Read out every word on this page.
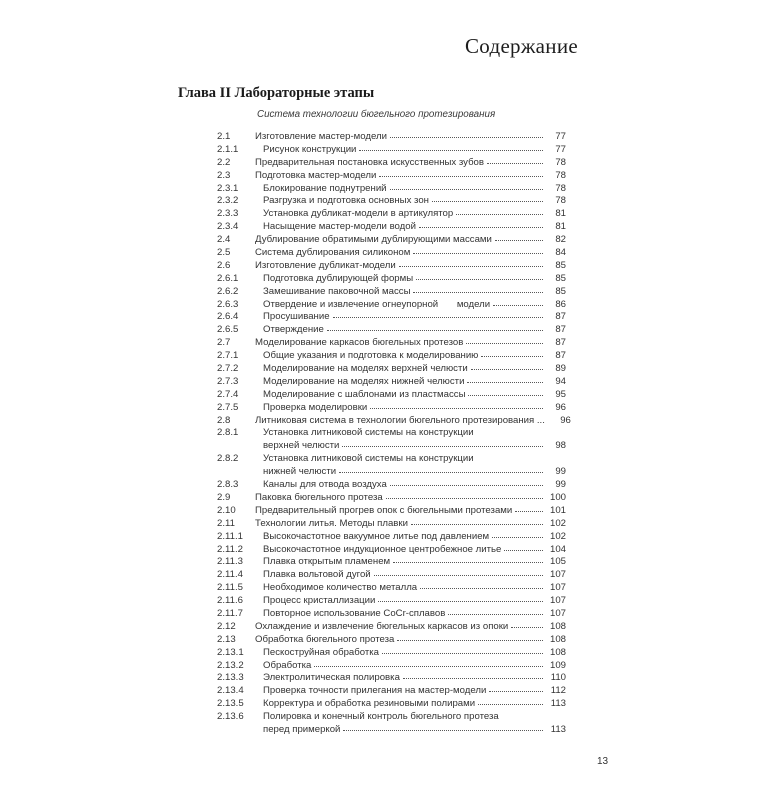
Содержание
Глава II Лабораторные этапы
Система технологии бюгельного протезирования
2.1	Изготовление мастер-модели	77
2.1.1	Рисунок конструкции	77
2.2	Предварительная постановка искусственных зубов	78
2.3	Подготовка мастер-модели	78
2.3.1	Блокирование поднутрений	78
2.3.2	Разгрузка и подготовка основных зон	78
2.3.3	Установка дубликат-модели в артикулятор	81
2.3.4	Насыщение мастер-модели водой	81
2.4	Дублирование обратимыми дублирующими массами	82
2.5	Система дублирования силиконом	84
2.6	Изготовление дубликат-модели	85
2.6.1	Подготовка дублирующей формы	85
2.6.2	Замешивание паковочной массы	85
2.6.3	Отвердение и извлечение огнеупорной       модели	86
2.6.4	Просушивание	87
2.6.5	Отверждение	87
2.7	Моделирование каркасов бюгельных протезов	87
2.7.1	Общие указания и подготовка к моделированию	87
2.7.2	Моделирование на моделях верхней челюсти	89
2.7.3	Моделирование на моделях нижней челюсти	94
2.7.4	Моделирование с шаблонами из пластмассы	95
2.7.5	Проверка моделировки	96
2.8	Литниковая система в технологии бюгельного протезирования ...	96
2.8.1	Установка литниковой системы на конструкции
верхней челюсти	98
2.8.2	Установка литниковой системы на конструкции
нижней челюсти	99
2.8.3	Каналы для отвода воздуха	99
2.9	Паковка бюгельного протеза	100
2.10	Предварительный прогрев опок с бюгельными протезами	101
2.11	Технологии литья. Методы плавки	102
2.11.1	Высокочастотное вакуумное литье под давлением	102
2.11.2	Высокочастотное индукционное центробежное литье	104
2.11.3	Плавка открытым пламенем	105
2.11.4	Плавка вольтовой дугой	107
2.11.5	Необходимое количество металла	107
2.11.6	Процесс кристаллизации	107
2.11.7	Повторное использование CoCr-сплавов	107
2.12	Охлаждение и извлечение бюгельных каркасов из опоки	108
2.13	Обработка бюгельного протеза	108
2.13.1	Пескоструйная обработка	108
2.13.2	Обработка	109
2.13.3	Электролитическая полировка	110
2.13.4	Проверка точности прилегания на мастер-модели	112
2.13.5	Корректура и обработка резиновыми полирами	113
2.13.6	Полировка и конечный контроль бюгельного протеза
перед примеркой	113
13
